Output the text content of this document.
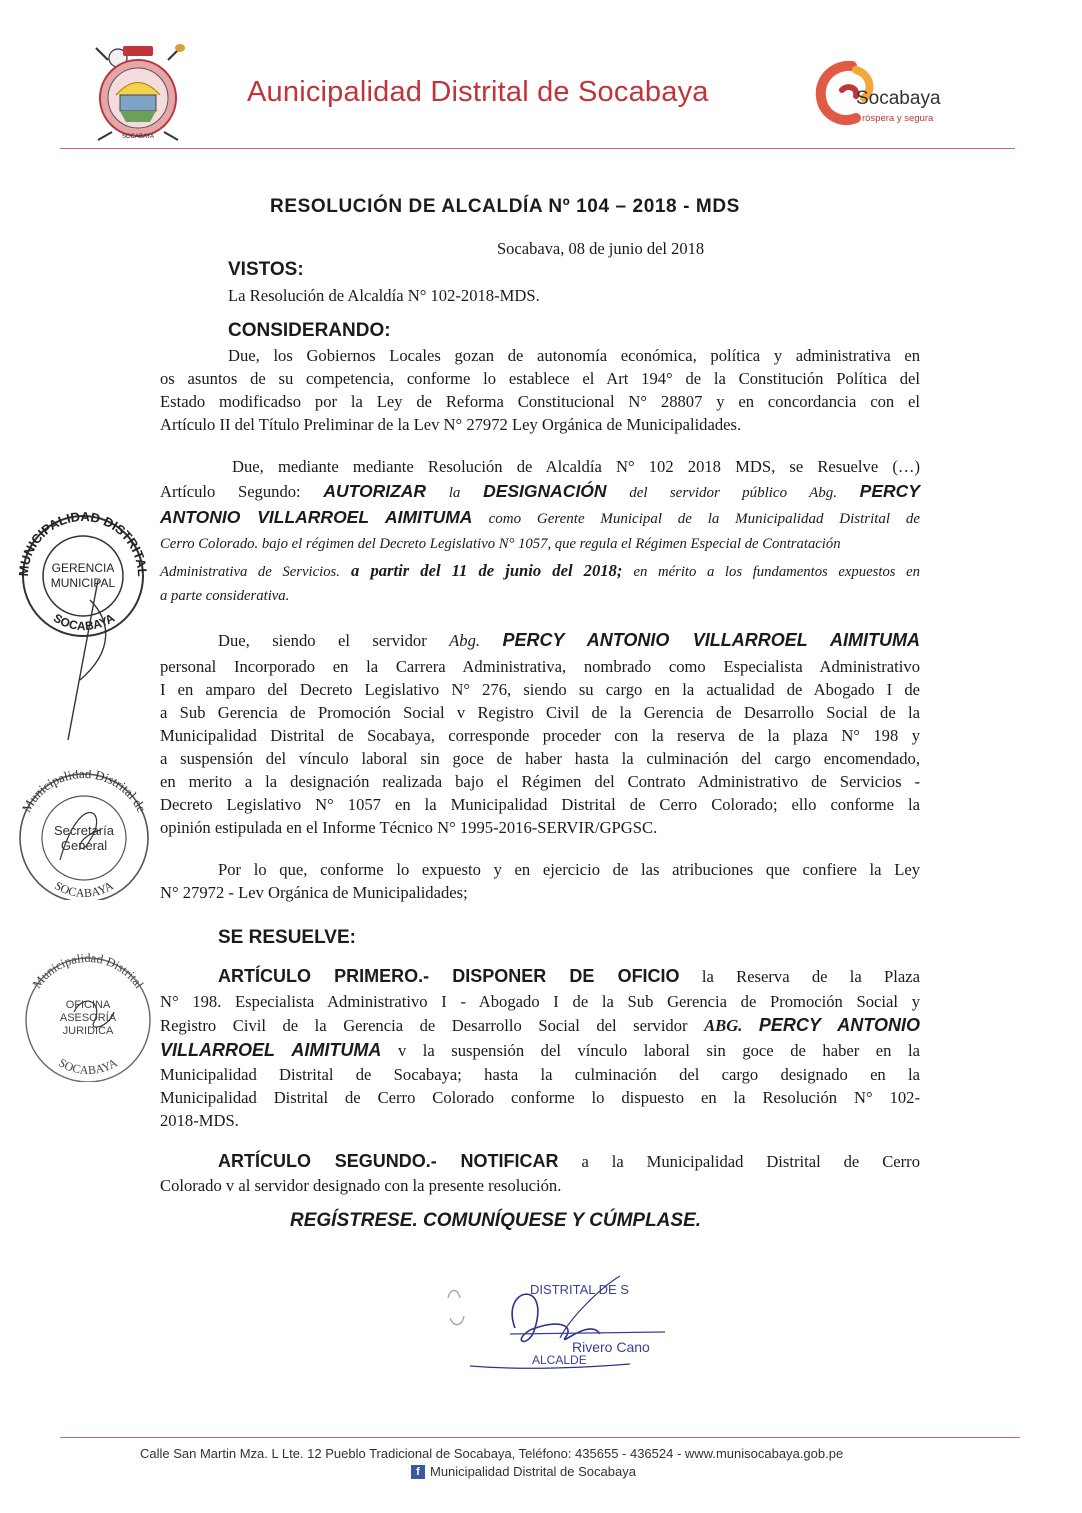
SOCABAYA
Aunicipalidad Distrital de Socabaya	Socabaya
róspera y segura
RESOLUCIÓN DE ALCALDÍA Nº 104 – 2018 - MDS
Socabava, 08 de junio del 2018
VISTOS:
La Resolución de Alcaldía N° 102-2018-MDS.
CONSIDERANDO:
Due, los Gobiernos Locales gozan de autonomía económica, política y administrativa en
os asuntos de su competencia, conforme lo establece el Art 194° de la Constitución Política del
Estado modificadso por la Ley de Reforma Constitucional N° 28807 y en concordancia con el
Artículo II del Título Preliminar de la Lev N° 27972 Ley Orgánica de Municipalidades.
Due, mediante mediante Resolución de Alcaldía N° 102 2018 MDS, se Resuelve (…)
Artículo Segundo: AUTORIZAR la DESIGNACIÓN del servidor público Abg. PERCY
ANTONIO VILLARROEL AIMITUMA como Gerente Municipal de la Municipalidad Distrital de
Cerro Colorado. bajo el régimen del Decreto Legislativo N° 1057, que regula el Régimen Especial de Contratación
Administrativa de Servicios. a partir del 11 de junio del 2018; en mérito a los fundamentos expuestos en
a parte considerativa.
Due, siendo el servidor Abg. PERCY ANTONIO VILLARROEL AIMITUMA
personal Incorporado en la Carrera Administrativa, nombrado como Especialista Administrativo
I en amparo del Decreto Legislativo N° 276, siendo su cargo en la actualidad de Abogado I de
a Sub Gerencia de Promoción Social v Registro Civil de la Gerencia de Desarrollo Social de la
Municipalidad Distrital de Socabaya, corresponde proceder con la reserva de la plaza N° 198 y
a suspensión del vínculo laboral sin goce de haber hasta la culminación del cargo encomendado,
en merito a la designación realizada bajo el Régimen del Contrato Administrativo de Servicios -
Decreto Legislativo N° 1057 en la Municipalidad Distrital de Cerro Colorado; ello conforme la
opinión estipulada en el Informe Técnico N° 1995-2016-SERVIR/GPGSC.
Por lo que, conforme lo expuesto y en ejercicio de las atribuciones que confiere la Ley
N° 27972 - Lev Orgánica de Municipalidades;
SE RESUELVE:
ARTÍCULO PRIMERO.- DISPONER DE OFICIO la Reserva de la Plaza
N° 198. Especialista Administrativo I - Abogado I de la Sub Gerencia de Promoción Social y
Registro Civil de la Gerencia de Desarrollo Social del servidor ABG. PERCY ANTONIO
VILLARROEL AIMITUMA v la suspensión del vínculo laboral sin goce de haber en la
Municipalidad Distrital de Socabaya; hasta la culminación del cargo designado en la
Municipalidad Distrital de Cerro Colorado conforme lo dispuesto en la Resolución N° 102-
2018-MDS.
ARTÍCULO SEGUNDO.- NOTIFICAR a la Municipalidad Distrital de Cerro
Colorado v al servidor designado con la presente resolución.
REGÍSTRESE. COMUNÍQUESE Y CÚMPLASE.
MUNICIPALIDAD DISTRITAL
SOCABAYA
GERENCIA
MUNICIPAL
Municipalidad Distrital de
SOCABAYA
Secretaría
General
Municipalidad Distrital
SOCABAYA
OFICINA
ASESORÍA
JURIDICA
DISTRITAL DE S
Rivero Cano
ALCALDE
Calle San Martin Mza. L Lte. 12 Pueblo Tradicional de Socabaya, Teléfono: 435655 - 436524 - www.munisocabaya.gob.pe
f Municipalidad Distrital de Socabaya
